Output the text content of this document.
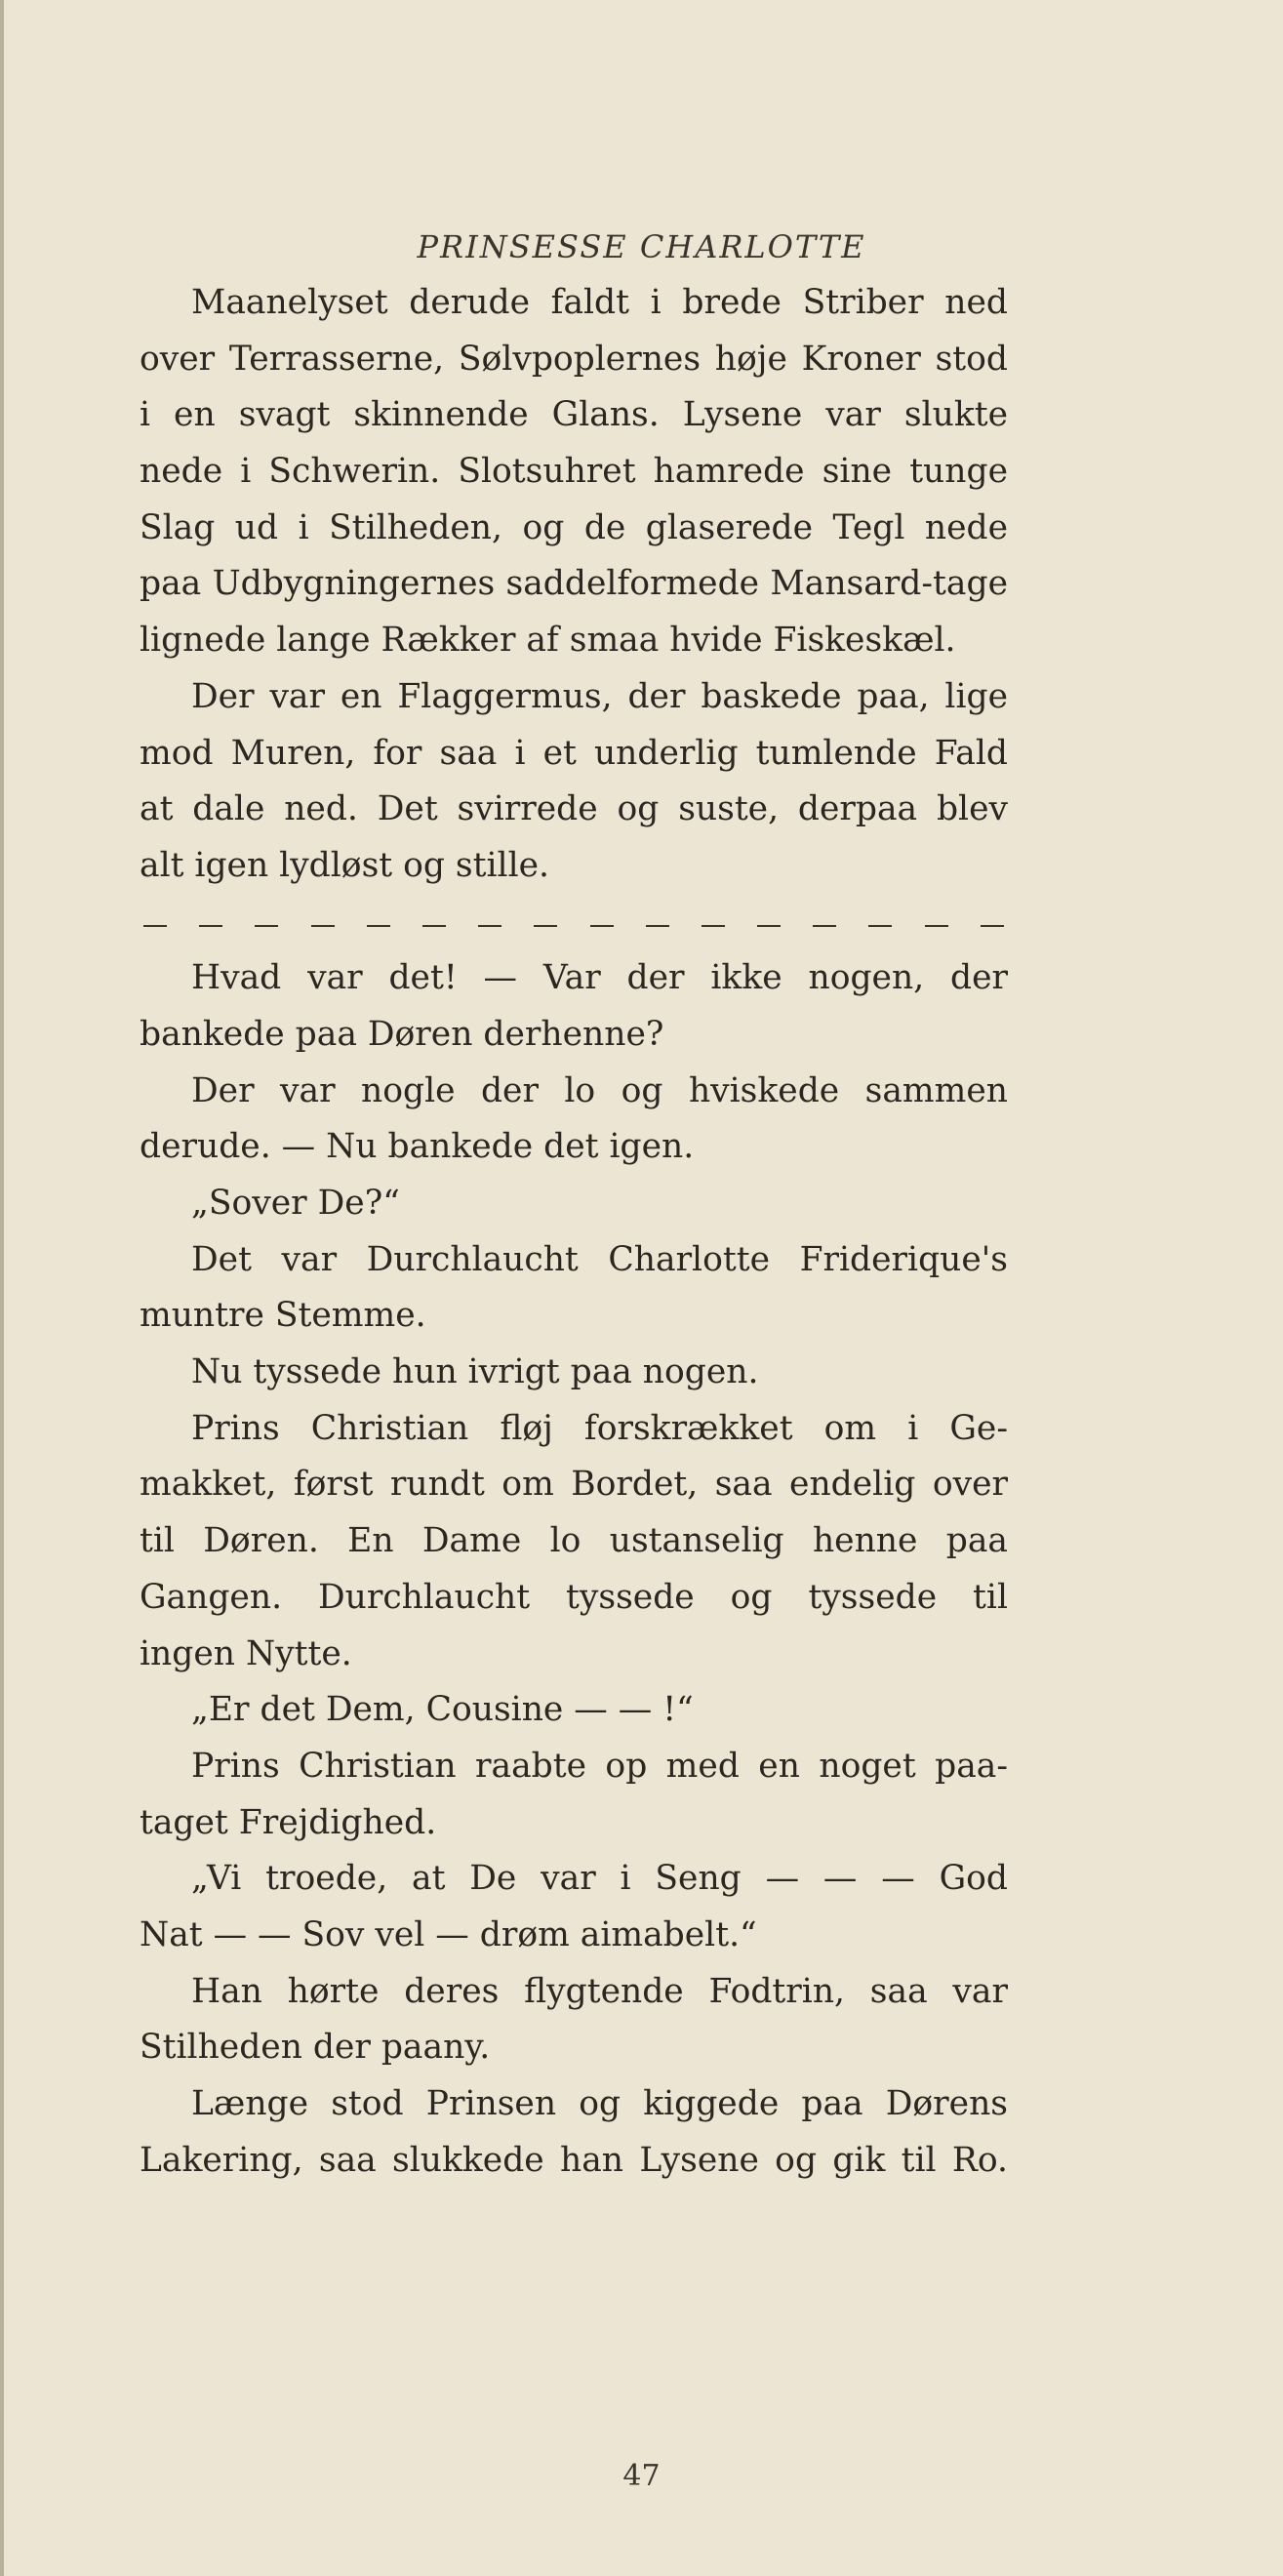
PRINSESSE CHARLOTTE
Maanelyset derude faldt i brede Striber ned
over Terrasserne, Sølvpoplernes høje Kroner stod
i en svagt skinnende Glans. Lysene var slukte
nede i Schwerin. Slotsuhret hamrede sine tunge
Slag ud i Stilheden, og de glaserede Tegl nede
paa Udbygningernes saddelformede Mansard-tage
lignede lange Rækker af smaa hvide Fiskeskæl.
Der var en Flaggermus, der baskede paa, lige
mod Muren, for saa i et underlig tumlende Fald
at dale ned. Det svirrede og suste, derpaa blev
alt igen lydløst og stille.
Hvad var det! — Var der ikke nogen, der
bankede paa Døren derhenne?
Der var nogle der lo og hviskede sammen
derude. — Nu bankede det igen.
„Sover De?“
Det var Durchlaucht Charlotte Friderique's
muntre Stemme.
Nu tyssede hun ivrigt paa nogen.
Prins Christian fløj forskrækket om i Ge-
makket, først rundt om Bordet, saa endelig over
til Døren. En Dame lo ustanselig henne paa
Gangen. Durchlaucht tyssede og tyssede til
ingen Nytte.
„Er det Dem, Cousine — — !“
Prins Christian raabte op med en noget paa-
taget Frejdighed.
„Vi troede, at De var i Seng — — — God
Nat — — Sov vel — drøm aimabelt.“
Han hørte deres flygtende Fodtrin, saa var
Stilheden der paany.
Længe stod Prinsen og kiggede paa Dørens
Lakering, saa slukkede han Lysene og gik til Ro.
47
